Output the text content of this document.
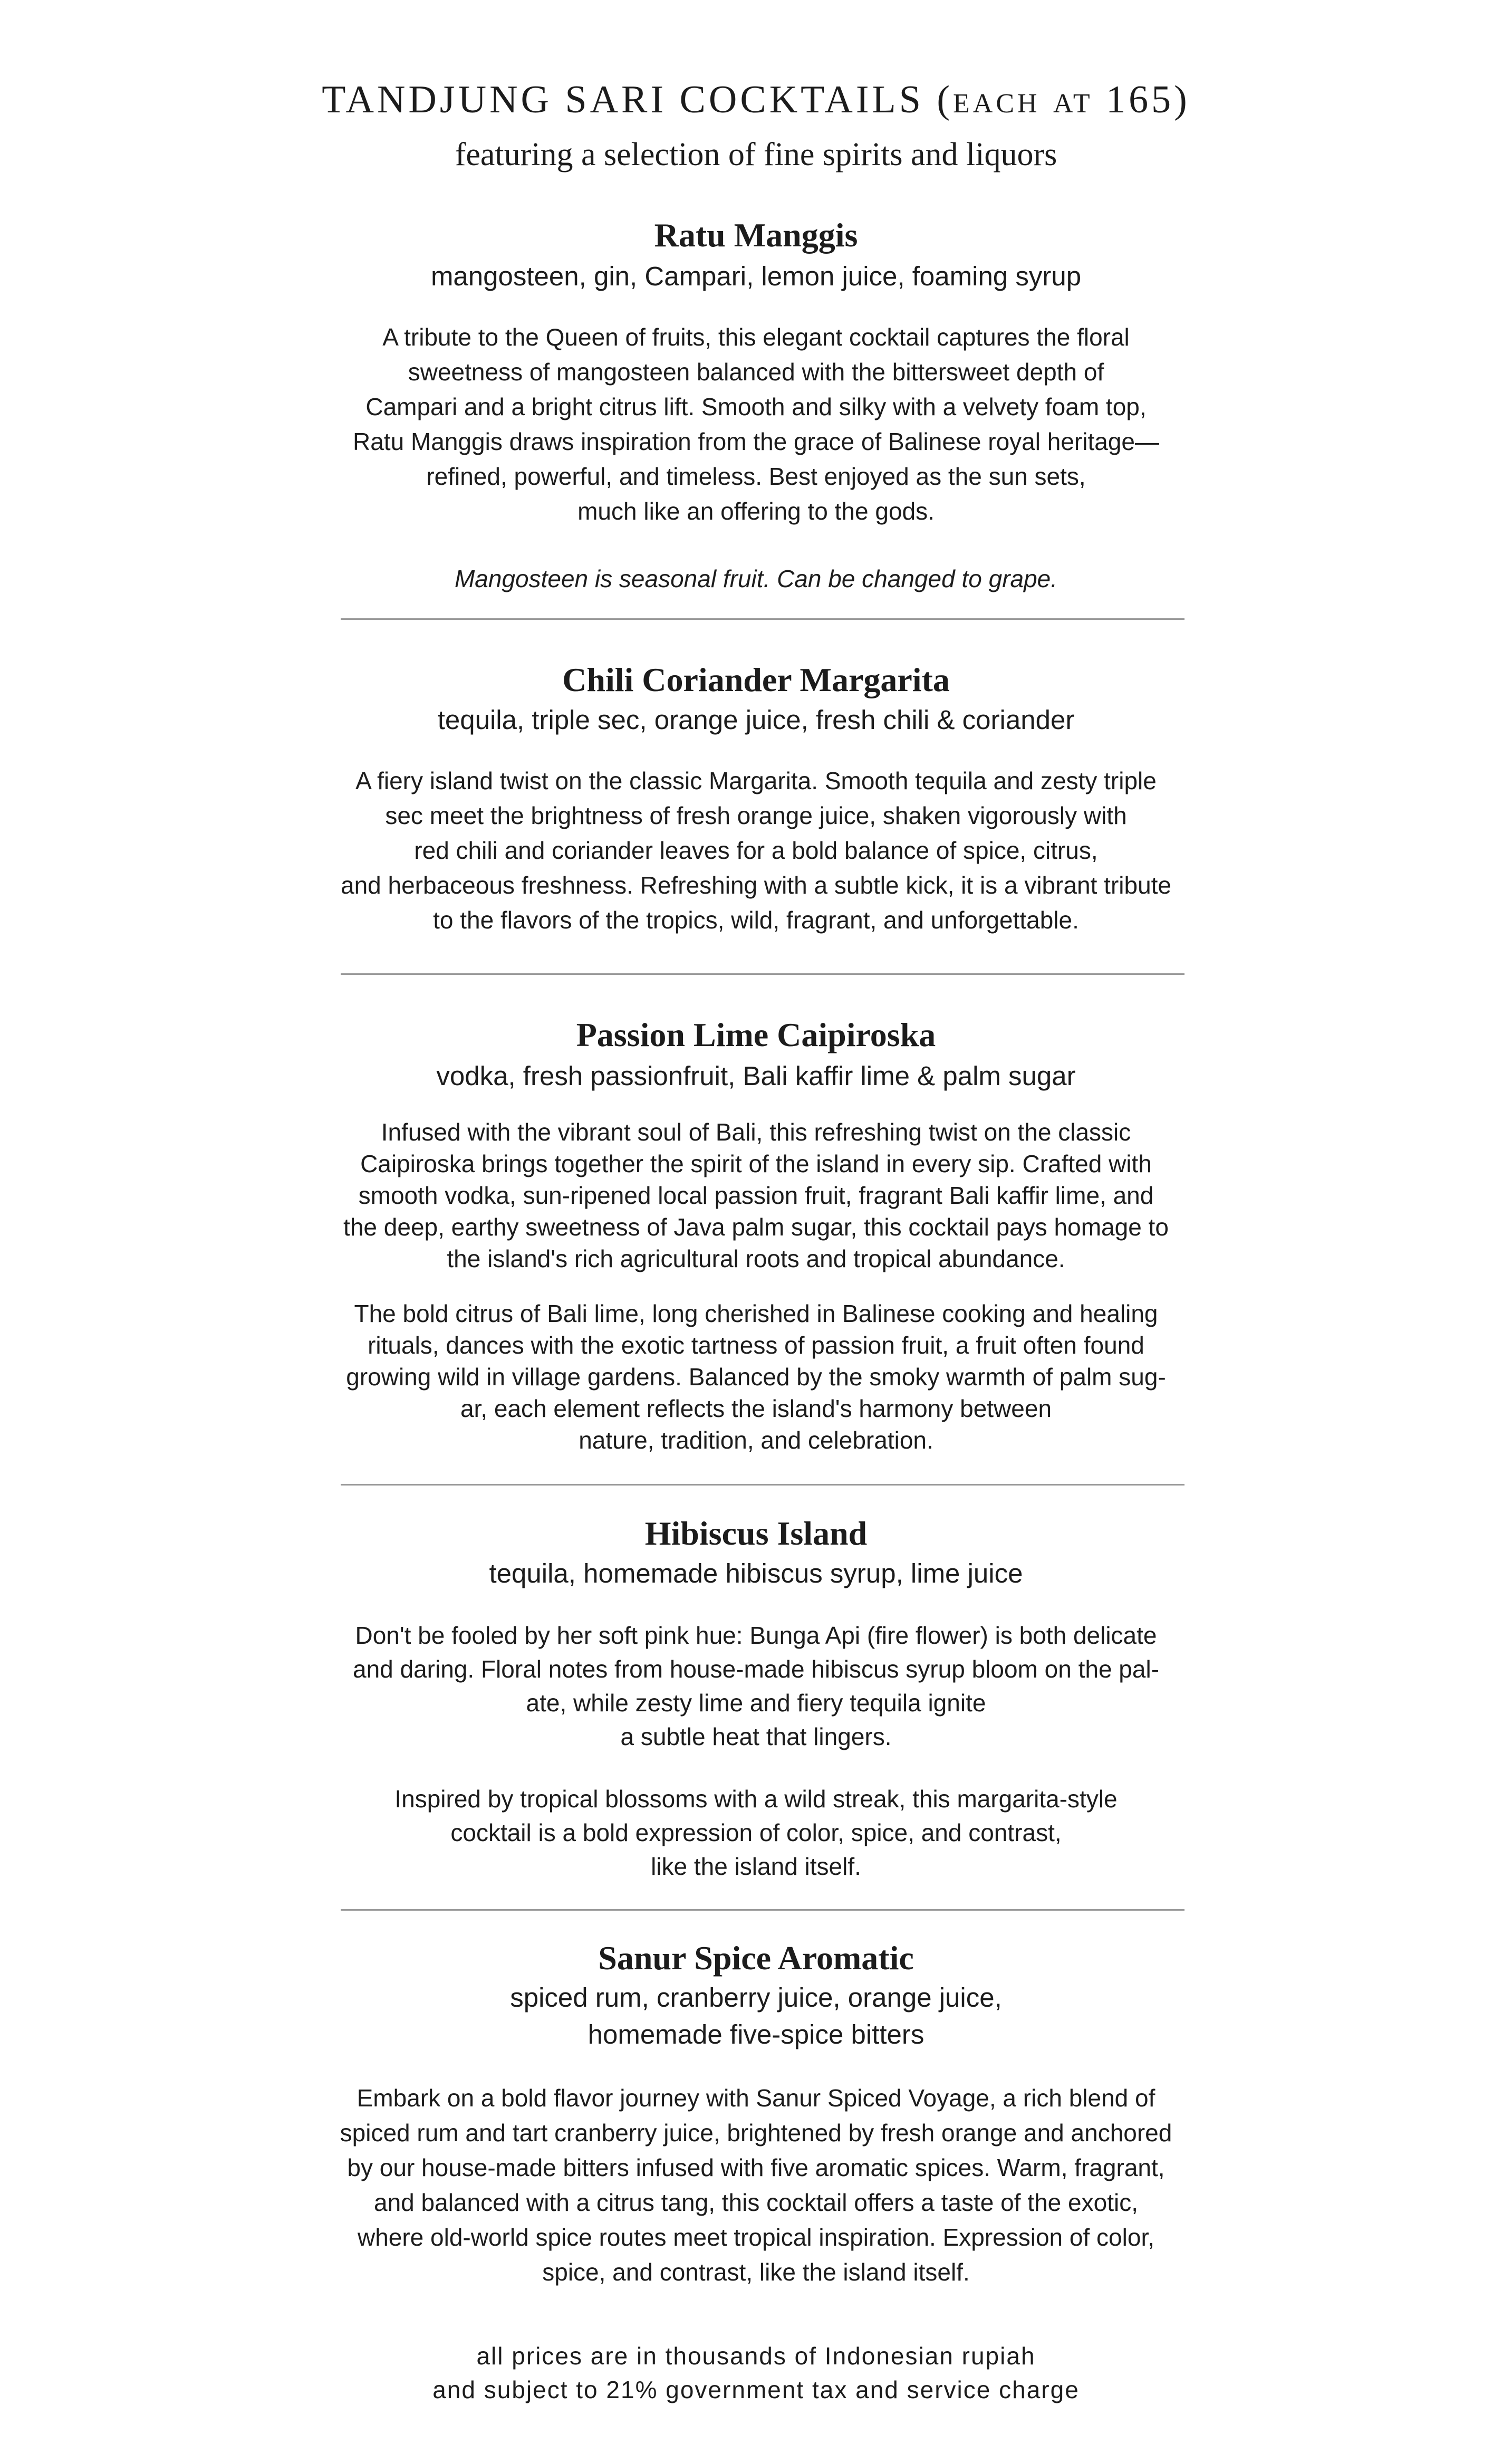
TANDJUNG SARI COCKTAILS (each at 165)
featuring a selection of fine spirits and liquors
Ratu Manggis
mangosteen, gin, Campari, lemon juice, foaming syrup

A tribute to the Queen of fruits, this elegant cocktail captures the floral

sweetness of mangosteen balanced with the bittersweet depth of

Campari and a bright citrus lift. Smooth and silky with a velvety foam top,

Ratu Manggis draws inspiration from the grace of Balinese royal heritage—

refined, powerful, and timeless. Best enjoyed as the sun sets,

much like an offering to the gods.

Mangosteen is seasonal fruit. Can be changed to grape.
Chili Coriander Margarita
tequila, triple sec, orange juice, fresh chili & coriander

A fiery island twist on the classic Margarita. Smooth tequila and zesty triple

sec meet the brightness of fresh orange juice, shaken vigorously with

red chili and coriander leaves for a bold balance of spice, citrus,

and herbaceous freshness. Refreshing with a subtle kick, it is a vibrant tribute

to the flavors of the tropics, wild, fragrant, and unforgettable.

Passion Lime Caipiroska
vodka, fresh passionfruit, Bali kaffir lime & palm sugar

Infused with the vibrant soul of Bali, this refreshing twist on the classic

Caipiroska brings together the spirit of the island in every sip. Crafted with

smooth vodka, sun-ripened local passion fruit, fragrant Bali kaffir lime, and

the deep, earthy sweetness of Java palm sugar, this cocktail pays homage to

the island's rich agricultural roots and tropical abundance.

The bold citrus of Bali lime, long cherished in Balinese cooking and healing

rituals, dances with the exotic tartness of passion fruit, a fruit often found

growing wild in village gardens. Balanced by the smoky warmth of palm sug-

ar, each element reflects the island's harmony between

nature, tradition, and celebration.

Hibiscus Island
tequila, homemade hibiscus syrup, lime juice

Don't be fooled by her soft pink hue: Bunga Api (fire flower) is both delicate

and daring. Floral notes from house-made hibiscus syrup bloom on the pal-

ate, while zesty lime and fiery tequila ignite

a subtle heat that lingers.

Inspired by tropical blossoms with a wild streak, this margarita-style

cocktail is a bold expression of color, spice, and contrast,

like the island itself.

Sanur Spice Aromatic
spiced rum, cranberry juice, orange juice,
homemade five-spice bitters

Embark on a bold flavor journey with Sanur Spiced Voyage, a rich blend of

spiced rum and tart cranberry juice, brightened by fresh orange and anchored

by our house-made bitters infused with five aromatic spices. Warm, fragrant,

and balanced with a citrus tang, this cocktail offers a taste of the exotic,

where old-world spice routes meet tropical inspiration. Expression of color,

spice, and contrast, like the island itself.

all prices are in thousands of Indonesian rupiah
and subject to 21% government tax and service charge
